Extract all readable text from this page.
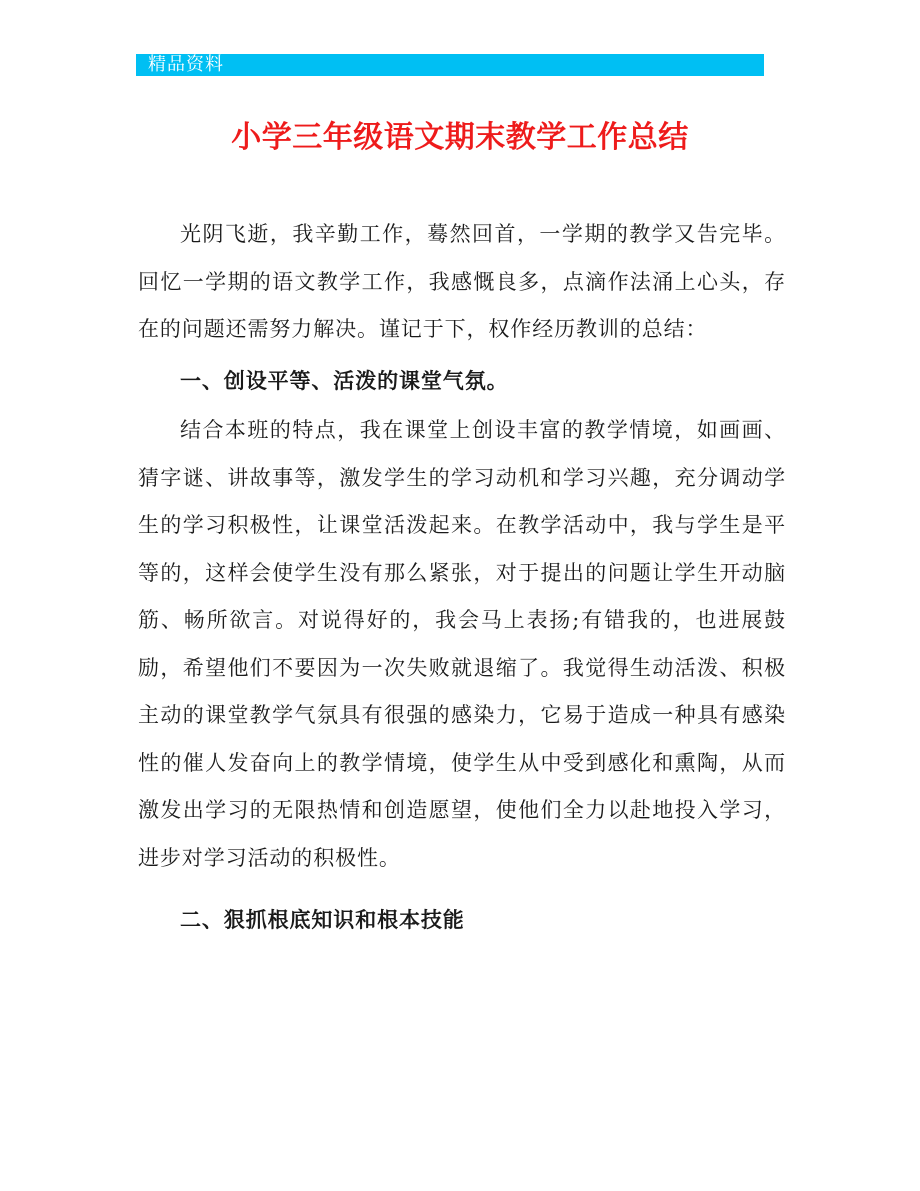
精品资料
小学三年级语文期末教学工作总结

光阴飞逝，我辛勤工作，蓦然回首，一学期的教学又告完毕。回忆一学期的语文教学工作，我感慨良多，点滴作法涌上心头，存在的问题还需努力解决。谨记于下，权作经历教训的总结：

一、创设平等、活泼的课堂气氛。

结合本班的特点，我在课堂上创设丰富的教学情境，如画画、猜字谜、讲故事等，激发学生的学习动机和学习兴趣，充分调动学生的学习积极性，让课堂活泼起来。在教学活动中，我与学生是平等的，这样会使学生没有那么紧张，对于提出的问题让学生开动脑筋、畅所欲言。对说得好的，我会马上表扬;有错我的，也进展鼓励，希望他们不要因为一次失败就退缩了。我觉得生动活泼、积极主动的课堂教学气氛具有很强的感染力，它易于造成一种具有感染性的催人发奋向上的教学情境，使学生从中受到感化和熏陶，从而激发出学习的无限热情和创造愿望，使他们全力以赴地投入学习，进步对学习活动的积极性。

二、狠抓根底知识和根本技能
